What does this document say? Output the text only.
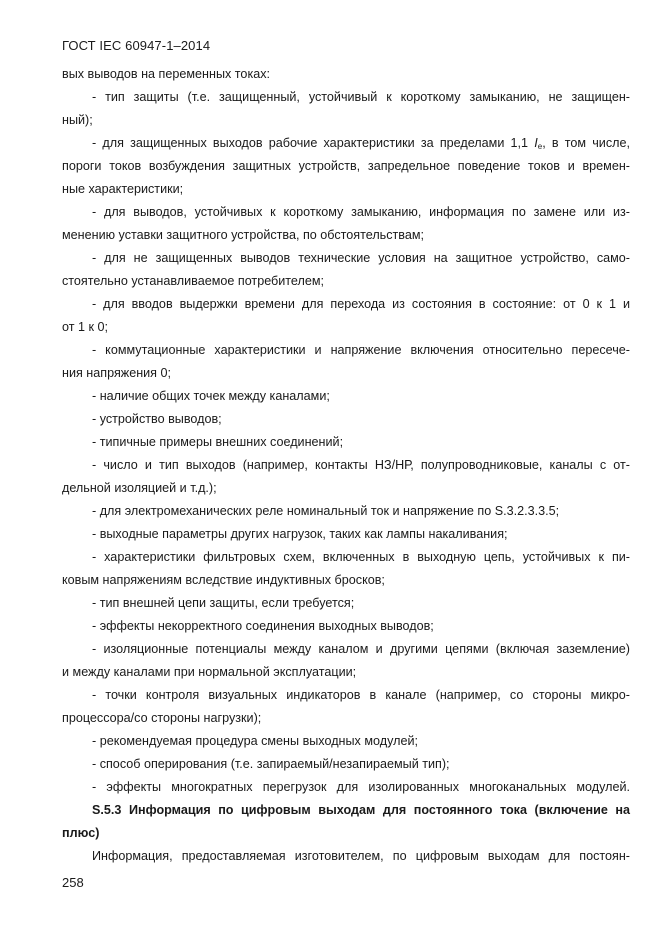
ГОСТ IEC 60947-1–2014
вых выводов на переменных токах:
- тип защиты (т.е. защищенный, устойчивый к короткому замыканию, не защищен-
ный);
- для защищенных выходов рабочие характеристики за пределами 1,1 $I_e$, в том числе,
пороги токов возбуждения защитных устройств, запредельное поведение токов и времен-
ные характеристики;
- для выводов, устойчивых к короткому замыканию, информация по замене или из-
менению уставки защитного устройства, по обстоятельствам;
- для не защищенных выводов технические условия на защитное устройство, само-
стоятельно устанавливаемое потребителем;
- для вводов выдержки времени для перехода из состояния в состояние: от 0 к 1 и
от 1 к 0;
- коммутационные характеристики и напряжение включения относительно пересече-
ния напряжения 0;
- наличие общих точек между каналами;
- устройство выводов;
- типичные примеры внешних соединений;
- число и тип выходов (например, контакты НЗ/НР, полупроводниковые, каналы с от-
дельной изоляцией и т.д.);
- для электромеханических реле номинальный ток и напряжение по S.3.2.3.3.5;
- выходные параметры других нагрузок, таких как лампы накаливания;
- характеристики фильтровых схем, включенных в выходную цепь, устойчивых к пи-
ковым напряжениям вследствие индуктивных бросков;
- тип внешней цепи защиты, если требуется;
- эффекты некорректного соединения выходных выводов;
- изоляционные потенциалы между каналом и другими цепями (включая заземление)
и между каналами при нормальной эксплуатации;
- точки контроля визуальных индикаторов в канале (например, со стороны микро-
процессора/со стороны нагрузки);
- рекомендуемая процедура смены выходных модулей;
- способ оперирования (т.е. запираемый/незапираемый тип);
- эффекты многократных перегрузок для изолированных многоканальных модулей.
S.5.3 Информация по цифровым выходам для постоянного тока (включение на
плюс)
Информация, предоставляемая изготовителем, по цифровым выходам для постоян-
258
